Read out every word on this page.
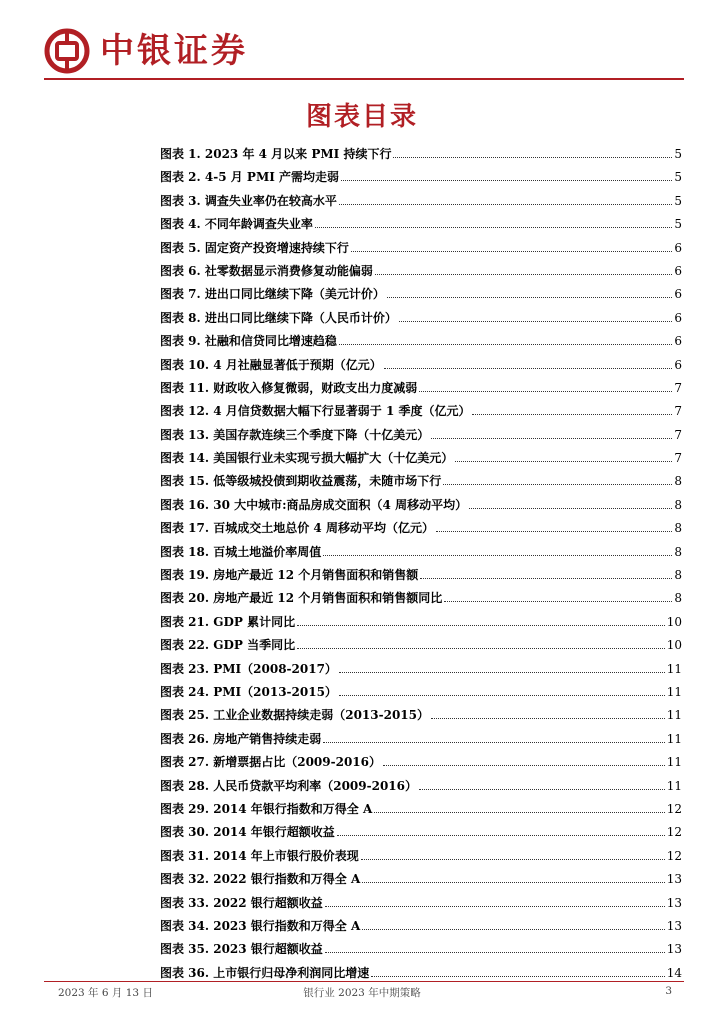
中银证券
图表目录
图表 1. 2023 年 4 月以来 PMI 持续下行	5
图表 2. 4-5 月 PMI 产需均走弱	5
图表 3. 调查失业率仍在较高水平	5
图表 4. 不同年龄调查失业率	5
图表 5. 固定资产投资增速持续下行	6
图表 6. 社零数据显示消费修复动能偏弱	6
图表 7. 进出口同比继续下降（美元计价）	6
图表 8. 进出口同比继续下降（人民币计价）	6
图表 9. 社融和信贷同比增速趋稳	6
图表 10. 4 月社融显著低于预期（亿元）	6
图表 11. 财政收入修复微弱，财政支出力度减弱	7
图表 12. 4 月信贷数据大幅下行显著弱于 1 季度（亿元）	7
图表 13. 美国存款连续三个季度下降（十亿美元）	7
图表 14. 美国银行业未实现亏损大幅扩大（十亿美元）	7
图表 15. 低等级城投债到期收益震荡，未随市场下行	8
图表 16. 30 大中城市:商品房成交面积（4 周移动平均）	8
图表 17. 百城成交土地总价 4 周移动平均（亿元）	8
图表 18. 百城土地溢价率周值	8
图表 19. 房地产最近 12 个月销售面积和销售额	8
图表 20. 房地产最近 12 个月销售面积和销售额同比	8
图表 21. GDP 累计同比	10
图表 22. GDP 当季同比	10
图表 23. PMI（2008-2017）	11
图表 24. PMI（2013-2015）	11
图表 25. 工业企业数据持续走弱（2013-2015）	11
图表 26. 房地产销售持续走弱	11
图表 27. 新增票据占比（2009-2016）	11
图表 28. 人民币贷款平均利率（2009-2016）	11
图表 29. 2014 年银行指数和万得全 A	12
图表 30. 2014 年银行超额收益	12
图表 31. 2014 年上市银行股价表现	12
图表 32. 2022 银行指数和万得全 A	13
图表 33. 2022 银行超额收益	13
图表 34. 2023 银行指数和万得全 A	13
图表 35. 2023 银行超额收益	13
图表 36. 上市银行归母净利润同比增速	14
2023 年 6 月 13 日	银行业 2023 年中期策略	3
